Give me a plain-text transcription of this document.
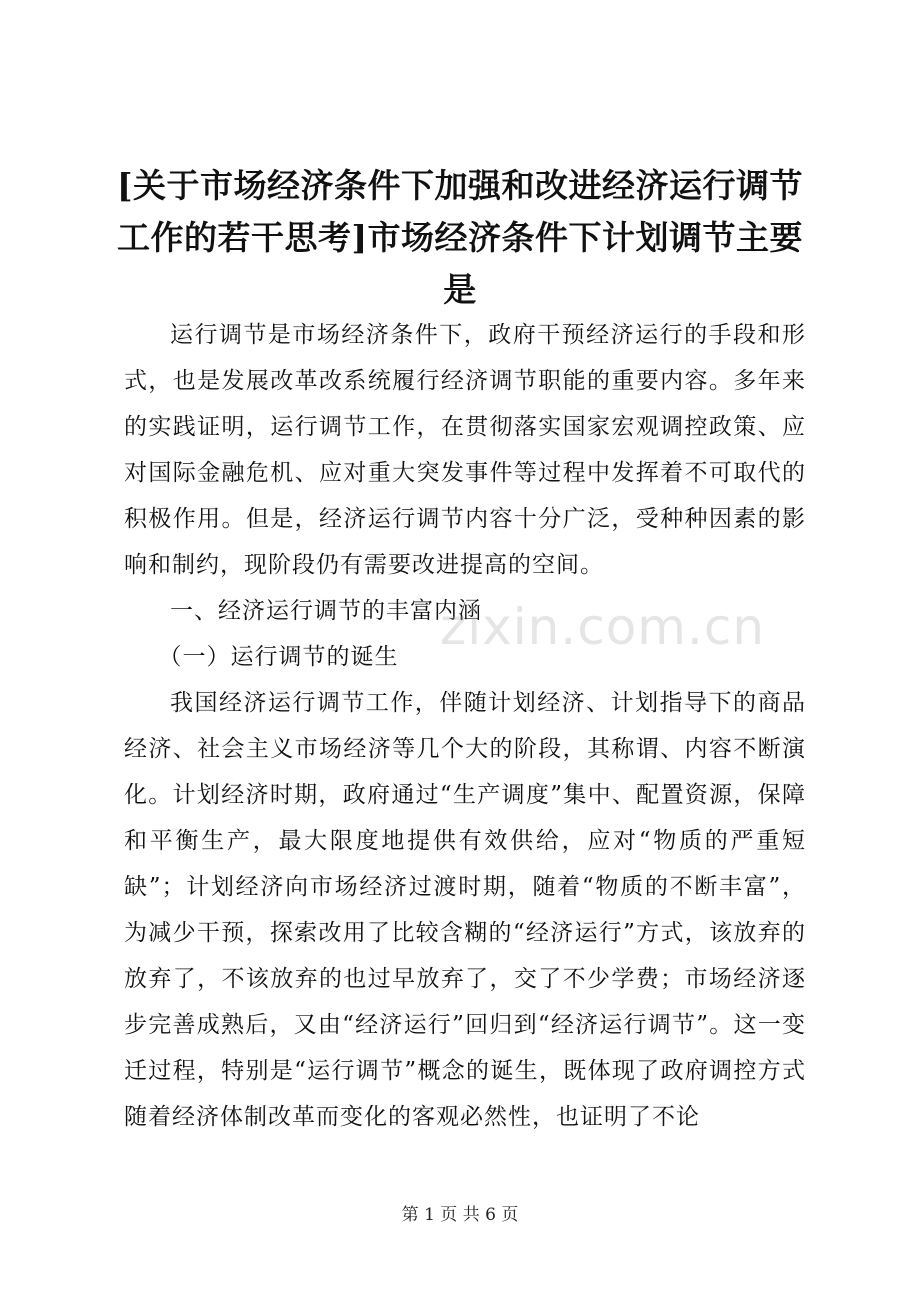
[关于市场经济条件下加强和改进经济运行调节工作的若干思考]市场经济条件下计划调节主要是

运行调节是市场经济条件下，政府干预经济运行的手段和形式，也是发展改革改系统履行经济调节职能的重要内容。多年来的实践证明，运行调节工作，在贯彻落实国家宏观调控政策、应对国际金融危机、应对重大突发事件等过程中发挥着不可取代的积极作用。但是，经济运行调节内容十分广泛，受种种因素的影响和制约，现阶段仍有需要改进提高的空间。

一、经济运行调节的丰富内涵

（一）运行调节的诞生

我国经济运行调节工作，伴随计划经济、计划指导下的商品经济、社会主义市场经济等几个大的阶段，其称谓、内容不断演化。计划经济时期，政府通过“生产调度”集中、配置资源，保障和平衡生产，最大限度地提供有效供给，应对“物质的严重短缺”；计划经济向市场经济过渡时期，随着“物质的不断丰富”，为减少干预，探索改用了比较含糊的“经济运行”方式，该放弃的放弃了，不该放弃的也过早放弃了，交了不少学费；市场经济逐步完善成熟后，又由“经济运行”回归到“经济运行调节”。这一变迁过程，特别是“运行调节”概念的诞生，既体现了政府调控方式随着经济体制改革而变化的客观必然性，也证明了不论

zixin.com.cn
第 1 页 共 6 页
